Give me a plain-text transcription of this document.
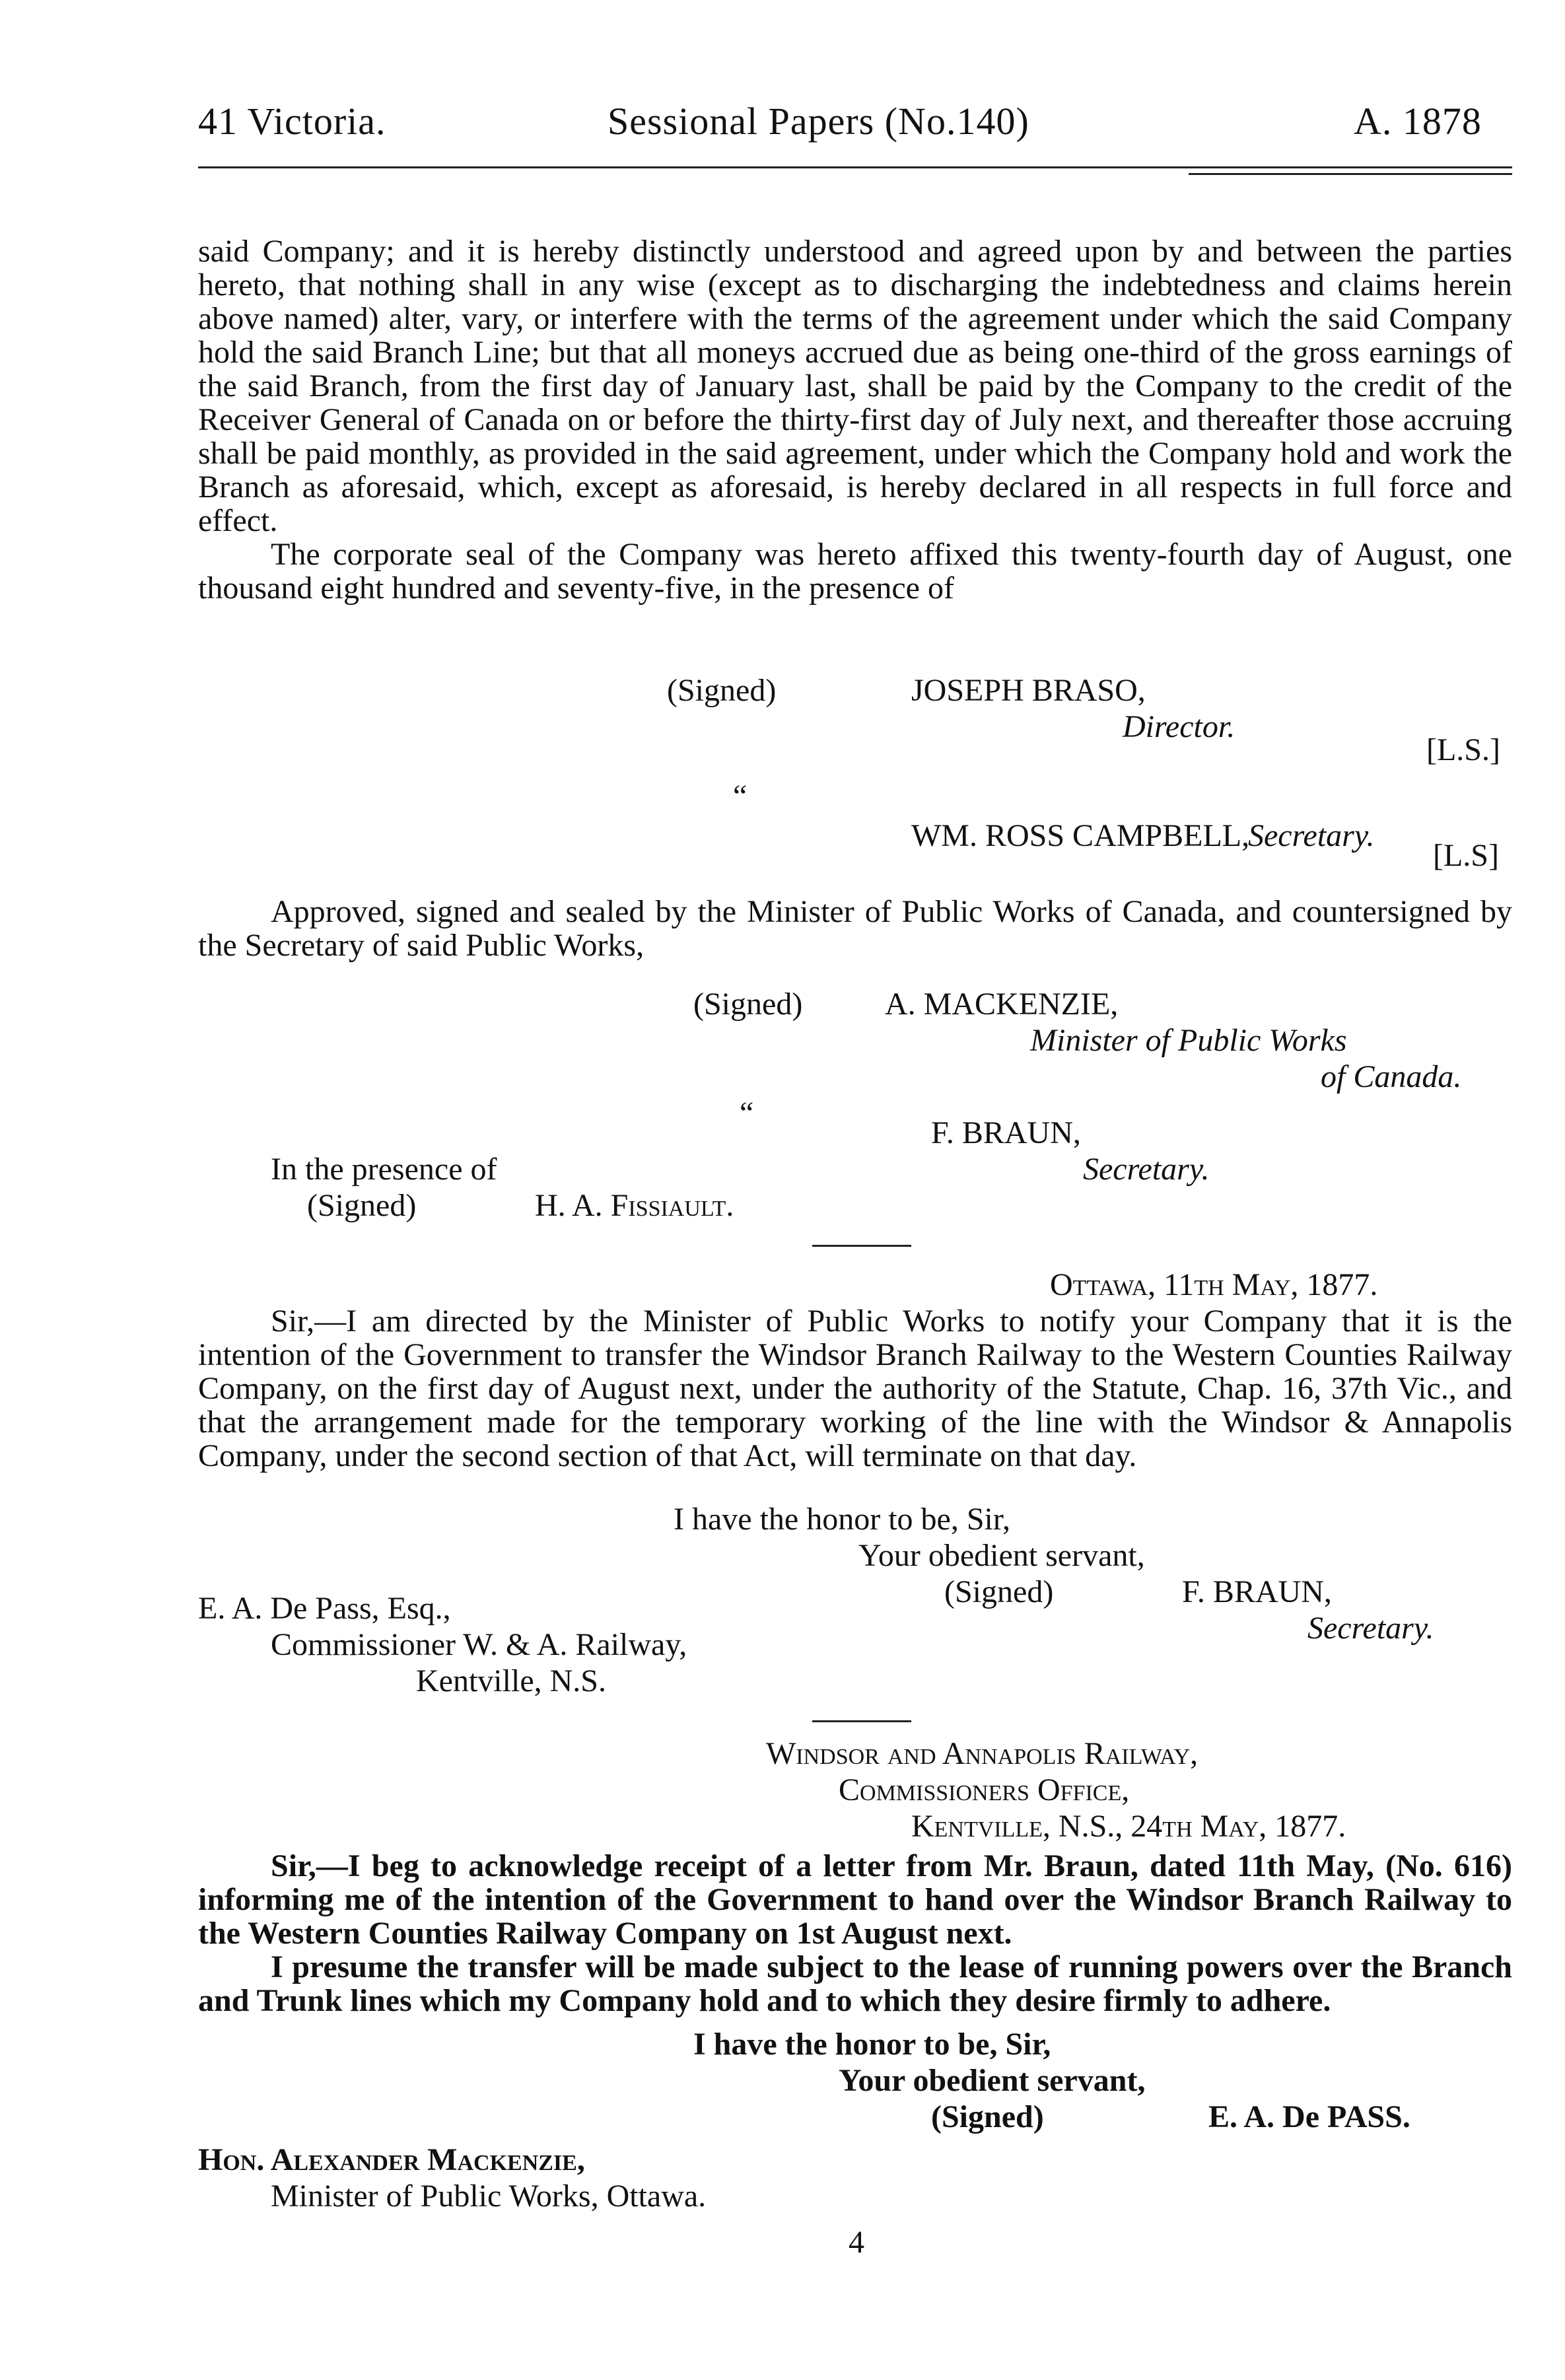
41 Victoria.	Sessional Papers (No.140)	A. 1878

said Company; and it is hereby distinctly understood and agreed upon by and between the parties hereto, that nothing shall in any wise (except as to discharging the indebtedness and claims herein above named) alter, vary, or interfere with the terms of the agreement under which the said Company hold the said Branch Line; but that all moneys accrued due as being one-third of the gross earnings of the said Branch, from the first day of January last, shall be paid by the Company to the credit of the Receiver General of Canada on or before the thirty-first day of July next, and thereafter those accruing shall be paid monthly, as provided in the said agreement, under which the Company hold and work the Branch as aforesaid, which, except as aforesaid, is hereby declared in all respects in full force and effect.

The corporate seal of the Company was hereto affixed this twenty-fourth day of August, one thousand eight hundred and seventy-five, in the presence of

(Signed)	JOSEPH BRASO,
Director.
[L.S.]
“
WM. ROSS CAMPBELL,
Secretary.
[L.S]

Approved, signed and sealed by the Minister of Public Works of Canada, and countersigned by the Secretary of said Public Works,

(Signed)	A. MACKENZIE,
Minister of Public Works
of Canada.
“
F. BRAUN,
Secretary.
In the presence of
(Signed)	H. A. Fissiault.
Ottawa, 11th May, 1877.

Sir,—I am directed by the Minister of Public Works to notify your Company that it is the intention of the Government to transfer the Windsor Branch Railway to the Western Counties Railway Company, on the first day of August next, under the authority of the Statute, Chap. 16, 37th Vic., and that the arrangement made for the temporary working of the line with the Windsor & Annapolis Company, under the second section of that Act, will terminate on that day.

I have the honor to be, Sir,
Your obedient servant,
(Signed)	F. BRAUN,
Secretary.
E. A. De Pass, Esq.,
Commissioner W. & A. Railway,
Kentville, N.S.
Windsor and Annapolis Railway,
Commissioners Office,
Kentville, N.S., 24th May, 1877.

Sir,—I beg to acknowledge receipt of a letter from Mr. Braun, dated 11th May, (No. 616) informing me of the intention of the Government to hand over the Windsor Branch Railway to the Western Counties Railway Company on 1st August next.

I presume the transfer will be made subject to the lease of running powers over the Branch and Trunk lines which my Company hold and to which they desire firmly to adhere.

I have the honor to be, Sir,
Your obedient servant,
(Signed)	E. A. De PASS.
Hon. Alexander Mackenzie,
Minister of Public Works, Ottawa.
4
